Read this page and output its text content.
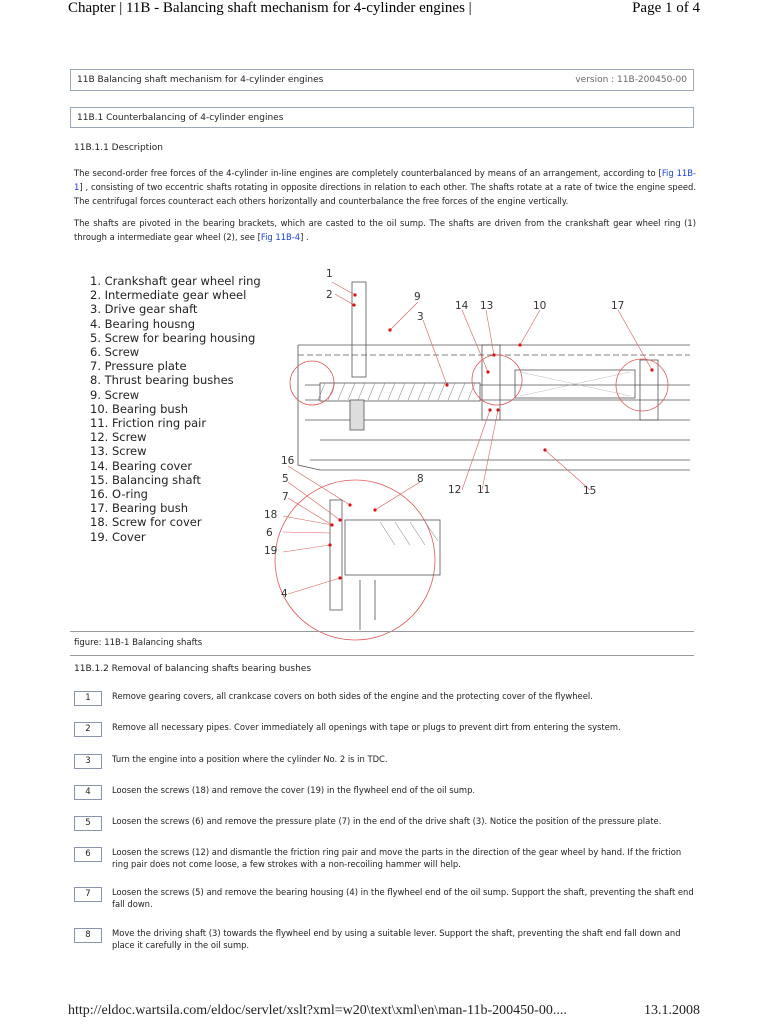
Chapter | 11B - Balancing shaft mechanism for 4-cylinder engines |	Page 1 of 4
11B Balancing shaft mechanism for 4-cylinder engines	version : 11B-200450-00
11B.1 Counterbalancing of 4-cylinder engines
11B.1.1 Description
The second-order free forces of the 4-cylinder in-line engines are completely counterbalanced by means of an arrangement, according to [Fig 11B-1] , consisting of two eccentric shafts rotating in opposite directions in relation to each other. The shafts rotate at a rate of twice the engine speed. The centrifugal forces counteract each others horizontally and counterbalance the free forces of the engine vertically.
The shafts are pivoted in the bearing brackets, which are casted to the oil sump. The shafts are driven from the crankshaft gear wheel ring (1) through a intermediate gear wheel (2), see [Fig 11B-4] .
1. Crankshaft gear wheel ring
2. Intermediate gear wheel
3. Drive gear shaft
4. Bearing housng
5. Screw for bearing housing
6. Screw
7. Pressure plate
8. Thrust bearing bushes
9. Screw
10. Bearing bush
11. Friction ring pair
12. Screw
13. Screw
14. Bearing cover
15. Balancing shaft
16. O-ring
17. Bearing bush
18. Screw for cover
19. Cover
1
2	9
3
14 13	10	17
16
5
7
8
12 11	15
18
6
19
4
figure: 11B-1 Balancing shafts
11B.1.2 Removal of balancing shafts bearing bushes
1	Remove gearing covers, all crankcase covers on both sides of the engine and the protecting cover of the flywheel.
2	Remove all necessary pipes. Cover immediately all openings with tape or plugs to prevent dirt from entering the system.
3	Turn the engine into a position where the cylinder No. 2 is in TDC.
4	Loosen the screws (18) and remove the cover (19) in the flywheel end of the oil sump.
5	Loosen the screws (6) and remove the pressure plate (7) in the end of the drive shaft (3). Notice the position of the pressure plate.
6	Loosen the screws (12) and dismantle the friction ring pair and move the parts in the direction of the gear wheel by hand. If the friction ring pair does not come loose, a few strokes with a non-recoiling hammer will help.
7	Loosen the screws (5) and remove the bearing housing (4) in the flywheel end of the oil sump. Support the shaft, preventing the shaft end fall down.
8	Move the driving shaft (3) towards the flywheel end by using a suitable lever. Support the shaft, preventing the shaft end fall down and place it carefully in the oil sump.
http://eldoc.wartsila.com/eldoc/servlet/xslt?xml=w20\text\xml\en\man-11b-200450-00....	13.1.2008
